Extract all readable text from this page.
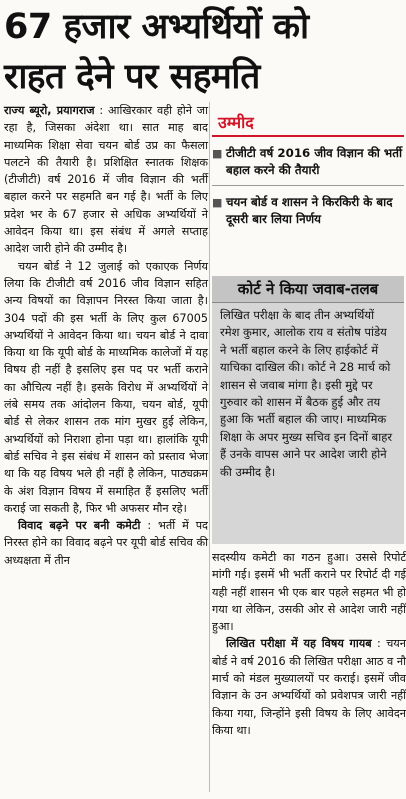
67 हजार अभ्यर्थियों को
राहत देने पर सहमति

राज्य ब्यूरो, प्रयागराज : आखिरकार वही होने जा रहा है, जिसका अंदेशा था। सात माह बाद माध्यमिक शिक्षा सेवा चयन बोर्ड उप्र का फैसला पलटने की तैयारी है। प्रशिक्षित स्नातक शिक्षक (टीजीटी) वर्ष 2016 में जीव विज्ञान की भर्ती बहाल करने पर सहमति बन गई है। भर्ती के लिए प्रदेश भर के 67 हजार से अधिक अभ्यर्थियों ने आवेदन किया था। इस संबंध में अगले सप्ताह आदेश जारी होने की उम्मीद है।

चयन बोर्ड ने 12 जुलाई को एकाएक निर्णय लिया कि टीजीटी वर्ष 2016 जीव विज्ञान सहित अन्य विषयों का विज्ञापन निरस्त किया जाता है। 304 पदों की इस भर्ती के लिए कुल 67005 अभ्यर्थियों ने आवेदन किया था। चयन बोर्ड ने दावा किया था कि यूपी बोर्ड के माध्यमिक कालेजों में यह विषय ही नहीं है इसलिए इस पद पर भर्ती कराने का औचित्य नहीं है। इसके विरोध में अभ्यर्थियों ने लंबे समय तक आंदोलन किया, चयन बोर्ड, यूपी बोर्ड से लेकर शासन तक मांग मुखर हुई लेकिन, अभ्यर्थियों को निराशा होना पड़ा था। हालांकि यूपी बोर्ड सचिव ने इस संबंध में शासन को प्रस्ताव भेजा था कि यह विषय भले ही नहीं है लेकिन, पाठ्यक्रम के अंश विज्ञान विषय में समाहित हैं इसलिए भर्ती कराई जा सकती है, फिर भी अफसर मौन रहे।

विवाद बढ़ने पर बनी कमेटी : भर्ती में पद निरस्त होने का विवाद बढ़ने पर यूपी बोर्ड सचिव की अध्यक्षता में तीन

उम्मीद
■ टीजीटी वर्ष 2016 जीव विज्ञान की भर्ती बहाल करने की तैयारी
■ चयन बोर्ड व शासन ने किरकिरी के बाद दूसरी बार लिया निर्णय
कोर्ट ने किया जवाब-तलब
लिखित परीक्षा के बाद तीन अभ्यर्थियों रमेश कुमार, आलोक राय व संतोष पांडेय ने भर्ती बहाल करने के लिए हाईकोर्ट में याचिका दाखिल की। कोर्ट ने 28 मार्च को शासन से जवाब मांगा है। इसी मुद्दे पर गुरुवार को शासन में बैठक हुई और तय हुआ कि भर्ती बहाल की जाए। माध्यमिक शिक्षा के अपर मुख्य सचिव इन दिनों बाहर हैं उनके वापस आने पर आदेश जारी होने की उम्मीद है।

सदस्यीय कमेटी का गठन हुआ। उससे रिपोर्ट मांगी गई। इसमें भी भर्ती कराने पर रिपोर्ट दी गई यही नहीं शासन भी एक बार पहले सहमत भी हो गया था लेकिन, उसकी ओर से आदेश जारी नहीं हुआ।

लिखित परीक्षा में यह विषय गायब : चयन बोर्ड ने वर्ष 2016 की लिखित परीक्षा आठ व नौ मार्च को मंडल मुख्यालयों पर कराई। इसमें जीव विज्ञान के उन अभ्यर्थियों को प्रवेशपत्र जारी नहीं किया गया, जिन्होंने इसी विषय के लिए आवेदन किया था।
